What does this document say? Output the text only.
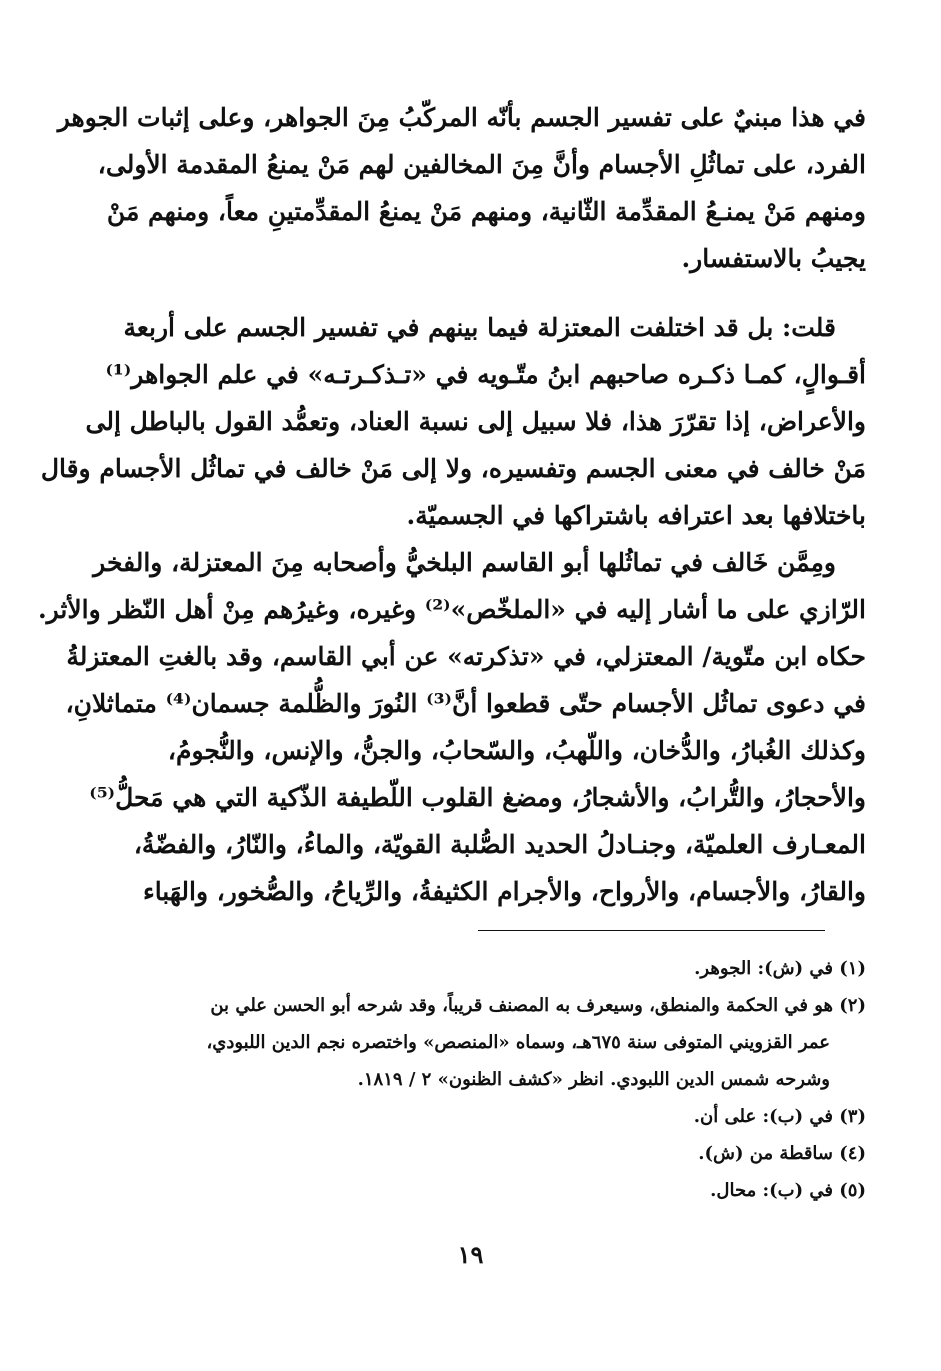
في هذا مبنيٌ على تفسير الجسم بأنّه المركّبُ مِنَ الجواهر، وعلى إثبات الجوهر

الفرد، على تماثُلِ الأجسام وأنَّ مِنَ المخالفين لهم مَنْ يمنعُ المقدمة الأولى،

ومنهم مَنْ يمنـعُ المقدِّمة الثّانية، ومنهم مَنْ يمنعُ المقدِّمتينِ معاً، ومنهم مَنْ

يجيبُ بالاستفسار.

قلت: بل قد اختلفت المعتزلة فيما بينهم في تفسير الجسم على أربعة

أقـوالٍ، كمـا ذكـره صاحبهم ابنُ متّـويه في «تـذكـرتـه» في علم الجواهر⁽¹⁾

والأعراض، إذا تقرّرَ هذا، فلا سبيل إلى نسبة العناد، وتعمُّد القول بالباطل إلى

مَنْ خالف في معنى الجسم وتفسيره، ولا إلى مَنْ خالف في تماثُل الأجسام وقال

باختلافها بعد اعترافه باشتراكها في الجسميّة.

ومِمَّن خَالف في تماثُلها أبو القاسم البلخيُّ وأصحابه مِنَ المعتزلة، والفخر

الرّازي على ما أشار إليه في «الملخّص»⁽²⁾ وغيره، وغيرُهم مِنْ أهل النّظر والأثر.

حكاه ابن متّوية/ المعتزلي، في «تذكرته» عن أبي القاسم، وقد بالغتِ المعتزلةُ

في دعوى تماثُل الأجسام حتّى قطعوا أنَّ⁽³⁾ النُورَ والظُّلمة جسمان⁽⁴⁾ متماثلانِ،

وكذلك الغُبارُ، والدُّخان، واللّهبُ، والسّحابُ، والجنُّ، والإنس، والنُّجومُ،

والأحجارُ، والتُّرابُ، والأشجارُ، ومضغ القلوب اللّطيفة الذّكية التي هي مَحلُّ⁽⁵⁾

المعـارف العلميّة، وجنـادلُ الحديد الصُّلبة القويّة، والماءُ، والنّارُ، والفضّةُ،

والقارُ، والأجسام، والأرواح، والأجرام الكثيفةُ، والرِّياحُ، والصُّخور، والهَباء

(١) في (ش): الجوهر.
(٢) هو في الحكمة والمنطق، وسيعرف به المصنف قريباً، وقد شرحه أبو الحسن علي بن
عمر القزويني المتوفى سنة ٦٧٥هـ، وسماه «المنصص» واختصره نجم الدين اللبودي،
وشرحه شمس الدين اللبودي. انظر «كشف الظنون» ٢ / ١٨١٩.
(٣) في (ب): على أن.
(٤) ساقطة من (ش).
(٥) في (ب): محال.
١٩
